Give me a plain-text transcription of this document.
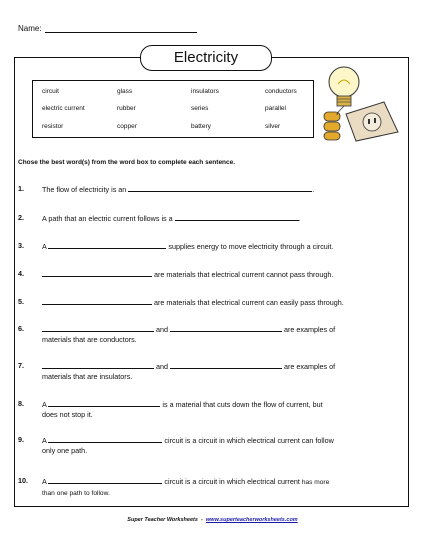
Name:
Electricity
circuit	glass	insulators	conductors
electric current	rubber	series	parallel
resistor	copper	battery	silver
Chose the best word(s) from the word box to complete each sentence.
1.	The flow of electricity is an	.
2.	A path that an electric current follows is a	.
3.	A	supplies energy to move electricity through a circuit.
4.	are materials that electrical current cannot pass through.
5.	are materials that electrical current can easily pass through.
6.	and	are examples of
materials that are conductors.
7.	and	are examples of
materials that are insulators.
8.	A	is a material that cuts down the flow of current, but
does not stop it.
9.	A	circuit is a circuit in which electrical current can follow
only one path.
10. A	circuit is a circuit in which electrical current has more
than one path to follow.
Super Teacher Worksheets - www.superteacherworksheets.com
